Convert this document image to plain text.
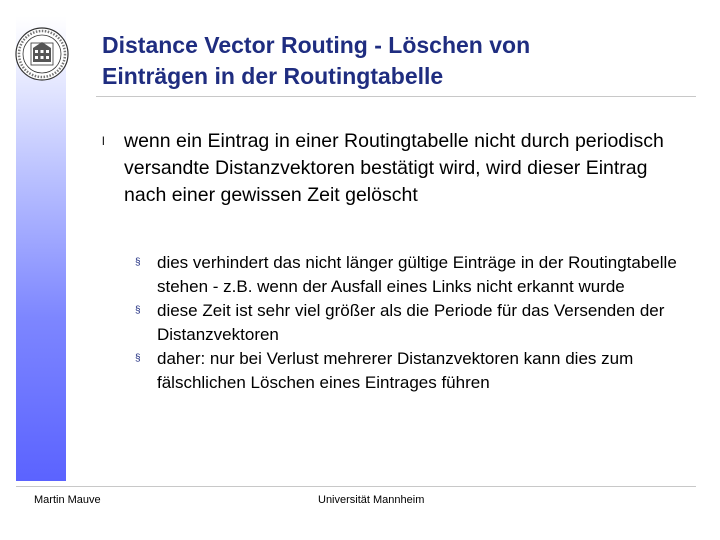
Distance Vector Routing - Löschen von
Einträgen in der Routingtabelle
l wenn ein Eintrag in einer Routingtabelle nicht durch periodisch versandte Distanzvektoren bestätigt wird, wird dieser Eintrag nach einer gewissen Zeit gelöscht
§ dies verhindert das nicht länger gültige Einträge in der Routingtabelle stehen - z.B. wenn der Ausfall eines Links nicht erkannt wurde
§ diese Zeit ist sehr viel größer als die Periode für das Versenden der Distanzvektoren
§ daher: nur bei Verlust mehrerer Distanzvektoren kann dies zum fälschlichen Löschen eines Eintrages führen
Martin Mauve	Universität Mannheim
